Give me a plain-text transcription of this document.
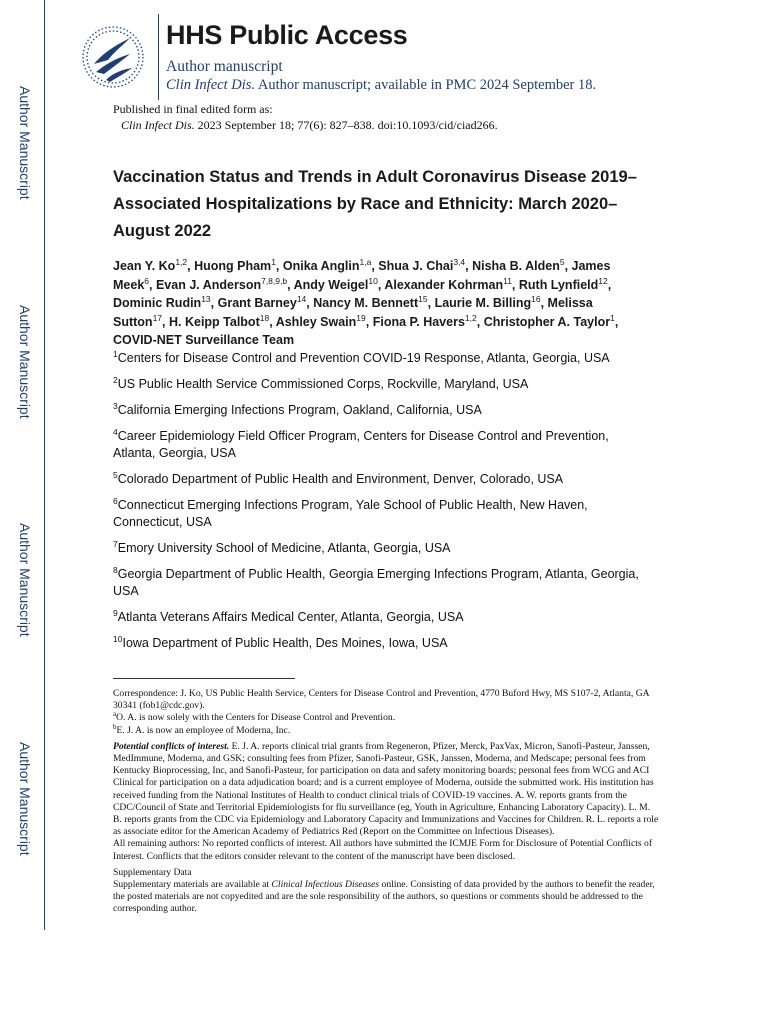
Author Manuscript
Author Manuscript
Author Manuscript
Author Manuscript
HHS Public Access
Author manuscript
Clin Infect Dis. Author manuscript; available in PMC 2024 September 18.
Published in final edited form as:
Clin Infect Dis. 2023 September 18; 77(6): 827–838. doi:10.1093/cid/ciad266.
Vaccination Status and Trends in Adult Coronavirus Disease 2019–Associated Hospitalizations by Race and Ethnicity: March 2020–August 2022
Jean Y. Ko$^{1,2}$, Huong Pham$^1$, Onika Anglin$^{1,a}$, Shua J. Chai$^{3,4}$, Nisha B. Alden$^5$, James Meek$^6$, Evan J. Anderson$^{7,8,9,b}$, Andy Weigel$^{10}$, Alexander Kohrman$^{11}$, Ruth Lynfield$^{12}$, Dominic Rudin$^{13}$, Grant Barney$^{14}$, Nancy M. Bennett$^{15}$, Laurie M. Billing$^{16}$, Melissa Sutton$^{17}$, H. Keipp Talbot$^{18}$, Ashley Swain$^{19}$, Fiona P. Havers$^{1,2}$, Christopher A. Taylor$^1$, COVID-NET Surveillance Team

$^1$Centers for Disease Control and Prevention COVID-19 Response, Atlanta, Georgia, USA

$^2$US Public Health Service Commissioned Corps, Rockville, Maryland, USA

$^3$California Emerging Infections Program, Oakland, California, USA

$^4$Career Epidemiology Field Officer Program, Centers for Disease Control and Prevention, Atlanta, Georgia, USA

$^5$Colorado Department of Public Health and Environment, Denver, Colorado, USA

$^6$Connecticut Emerging Infections Program, Yale School of Public Health, New Haven, Connecticut, USA

$^7$Emory University School of Medicine, Atlanta, Georgia, USA

$^8$Georgia Department of Public Health, Georgia Emerging Infections Program, Atlanta, Georgia, USA

$^9$Atlanta Veterans Affairs Medical Center, Atlanta, Georgia, USA

$^{10}$Iowa Department of Public Health, Des Moines, Iowa, USA

Correspondence: J. Ko, US Public Health Service, Centers for Disease Control and Prevention, 4770 Buford Hwy, MS S107-2, Atlanta, GA 30341 (fob1@cdc.gov).

$^a$O. A. is now solely with the Centers for Disease Control and Prevention.

$^b$E. J. A. is now an employee of Moderna, Inc.

Potential conflicts of interest. E. J. A. reports clinical trial grants from Regeneron, Pfizer, Merck, PaxVax, Micron, Sanofi-Pasteur, Janssen, MedImmune, Moderna, and GSK; consulting fees from Pfizer, Sanofi-Pasteur, GSK, Janssen, Moderna, and Medscape; personal fees from Kentucky Bioprocessing, Inc, and Sanofi-Pasteur, for participation on data and safety monitoring boards; personal fees from WCG and ACI Clinical for participation on a data adjudication board; and is a current employee of Moderna, outside the submitted work. His institution has received funding from the National Institutes of Health to conduct clinical trials of COVID-19 vaccines. A. W. reports grants from the CDC/Council of State and Territorial Epidemiologists for flu surveillance (eg, Youth in Agriculture, Enhancing Laboratory Capacity). L. M. B. reports grants from the CDC via Epidemiology and Laboratory Capacity and Immunizations and Vaccines for Children. R. L. reports a role as associate editor for the American Academy of Pediatrics Red (Report on the Committee on Infectious Diseases).

All remaining authors: No reported conflicts of interest. All authors have submitted the ICMJE Form for Disclosure of Potential Conflicts of Interest. Conflicts that the editors consider relevant to the content of the manuscript have been disclosed.

Supplementary Data

Supplementary materials are available at Clinical Infectious Diseases online. Consisting of data provided by the authors to benefit the reader, the posted materials are not copyedited and are the sole responsibility of the authors, so questions or comments should be addressed to the corresponding author.
